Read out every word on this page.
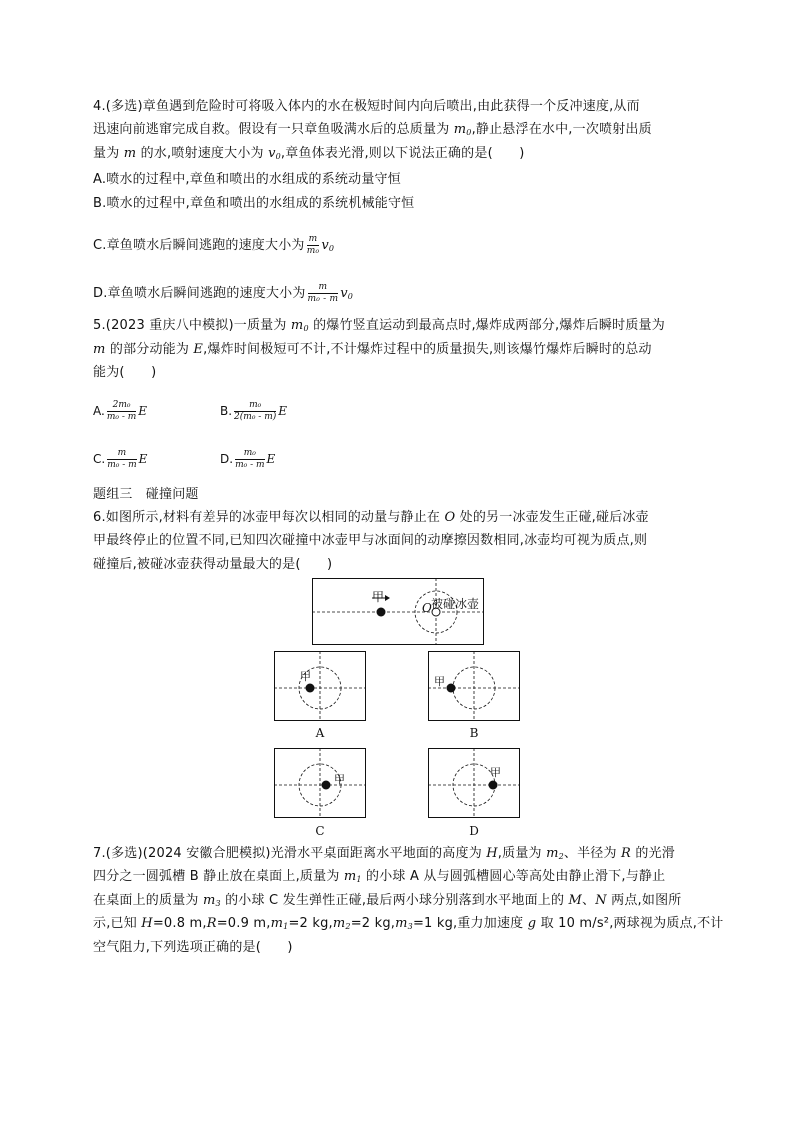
4.(多选)章鱼遇到危险时可将吸入体内的水在极短时间内向后喷出,由此获得一个反冲速度,从而
迅速向前逃窜完成自救。假设有一只章鱼吸满水后的总质量为 $m_0$,静止悬浮在水中,一次喷射出质
量为 m 的水,喷射速度大小为 $v_0$,章鱼体表光滑,则以下说法正确的是(　　)
A.喷水的过程中,章鱼和喷出的水组成的系统动量守恒
B.喷水的过程中,章鱼和喷出的水组成的系统机械能守恒
C.章鱼喷水后瞬间逃跑的速度大小为 $\frac{m}{\text{m₀}} v_0$
D.章鱼喷水后瞬间逃跑的速度大小为 $\frac{m}{\text{m₀ - m}} v_0$
5.(2023 重庆八中模拟)一质量为 $m_0$ 的爆竹竖直运动到最高点时,爆炸成两部分,爆炸后瞬时质量为
m 的部分动能为 E,爆炸时间极短可不计,不计爆炸过程中的质量损失,则该爆竹爆炸后瞬时的总动
能为(　　)
A. $\frac{\text{2m₀}}{\text{m₀ - m}}$ E	B. $\frac{\text{m₀}}{\text{2(m₀ - m)}}$ E
C. $\frac{m}{\text{m₀ - m}}$ E	D. $\frac{\text{m₀}}{\text{m₀ - m}}$ E
题组三　碰撞问题
6.如图所示,材料有差异的冰壶甲每次以相同的动量与静止在 O 处的另一冰壶发生正碰,碰后冰壶
甲最终停止的位置不同,已知四次碰撞中冰壶甲与冰面间的动摩擦因数相同,冰壶均可视为质点,则
碰撞后,被碰冰壶获得动量最大的是(　　)
甲
O 被碰冰壶
甲
A
甲
B
甲
C
甲
D
7.(多选)(2024 安徽合肥模拟)光滑水平桌面距离水平地面的高度为 H,质量为 $m_2$、半径为 R 的光滑
四分之一圆弧槽 B 静止放在桌面上,质量为 $m_1$ 的小球 A 从与圆弧槽圆心等高处由静止滑下,与静止
在桌面上的质量为 $m_3$ 的小球 C 发生弹性正碰,最后两小球分别落到水平地面上的 M、N 两点,如图所
示,已知 H=0.8 m,R=0.9 $m,m_1=2$ $kg,m_2=2$ $kg,m_3=1$ kg,重力加速度 g 取 10 m/s²,两球视为质点,不计
空气阻力,下列选项正确的是(　　)
